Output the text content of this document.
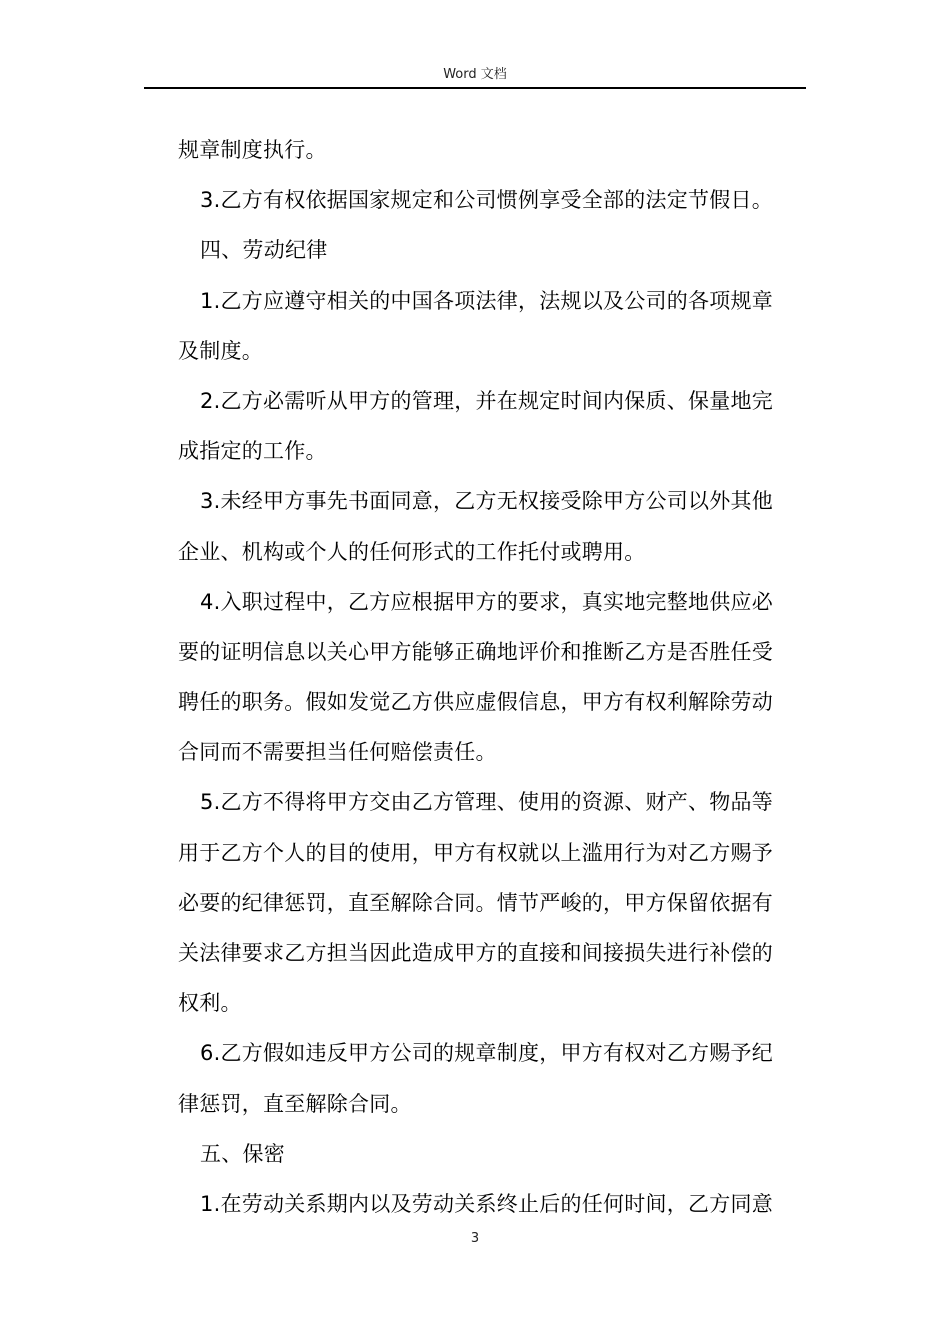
Word 文档
规章制度执行。
3.乙方有权依据国家规定和公司惯例享受全部的法定节假日。
四、劳动纪律
1.乙方应遵守相关的中国各项法律，法规以及公司的各项规章
及制度。
2.乙方必需听从甲方的管理，并在规定时间内保质、保量地完
成指定的工作。
3.未经甲方事先书面同意，乙方无权接受除甲方公司以外其他
企业、机构或个人的任何形式的工作托付或聘用。
4.入职过程中，乙方应根据甲方的要求，真实地完整地供应必
要的证明信息以关心甲方能够正确地评价和推断乙方是否胜任受
聘任的职务。假如发觉乙方供应虚假信息，甲方有权利解除劳动
合同而不需要担当任何赔偿责任。
5.乙方不得将甲方交由乙方管理、使用的资源、财产、物品等
用于乙方个人的目的使用，甲方有权就以上滥用行为对乙方赐予
必要的纪律惩罚，直至解除合同。情节严峻的，甲方保留依据有
关法律要求乙方担当因此造成甲方的直接和间接损失进行补偿的
权利。
6.乙方假如违反甲方公司的规章制度，甲方有权对乙方赐予纪
律惩罚，直至解除合同。
五、保密
1.在劳动关系期内以及劳动关系终止后的任何时间，乙方同意
3
